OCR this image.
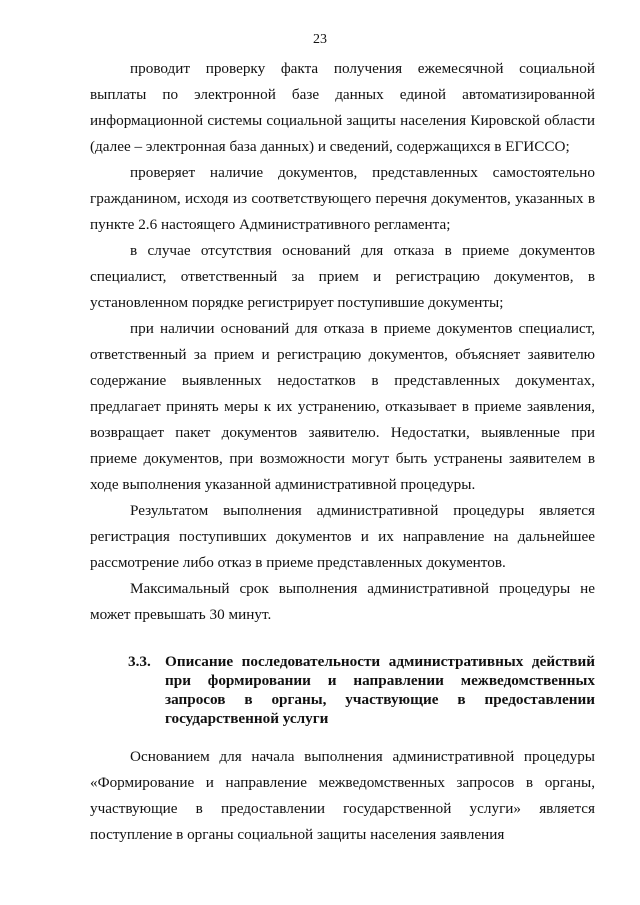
23

проводит проверку факта получения ежемесячной социальной выплаты по электронной базе данных единой автоматизированной информационной системы социальной защиты населения Кировской области (далее – электронная база данных) и сведений, содержащихся в ЕГИССО;

проверяет наличие документов, представленных самостоятельно гражданином, исходя из соответствующего перечня документов, указанных в пункте 2.6 настоящего Административного регламента;

в случае отсутствия оснований для отказа в приеме документов специалист, ответственный за прием и регистрацию документов, в установленном порядке регистрирует поступившие документы;

при наличии оснований для отказа в приеме документов специалист, ответственный за прием и регистрацию документов, объясняет заявителю содержание выявленных недостатков в представленных документах, предлагает принять меры к их устранению, отказывает в приеме заявления, возвращает пакет документов заявителю. Недостатки, выявленные при приеме документов, при возможности могут быть устранены заявителем в ходе выполнения указанной административной процедуры.

Результатом выполнения административной процедуры является регистрация поступивших документов и их направление на дальнейшее рассмотрение либо отказ в приеме представленных документов.

Максимальный срок выполнения административной процедуры не может превышать 30 минут.

3.3. Описание последовательности административных действий при формировании и направлении межведомственных запросов в органы, участвующие в предоставлении государственной услуги

Основанием для начала выполнения административной процедуры «Формирование и направление межведомственных запросов в органы, участвующие в предоставлении государственной услуги» является поступление в органы социальной защиты населения заявления
